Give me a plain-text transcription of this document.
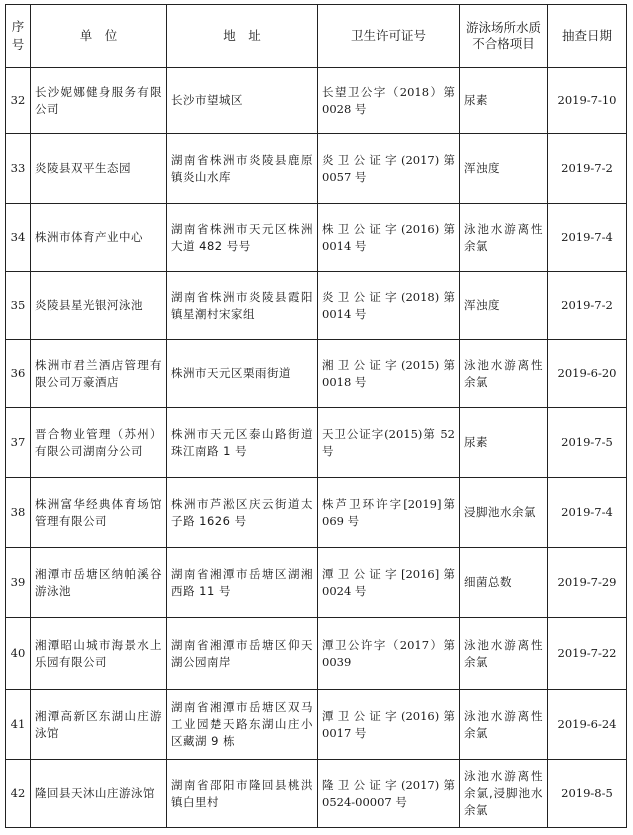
序号	单　位	地　址	卫生许可证号	游泳场所水质不合格项目	抽查日期
32	长沙妮娜健身服务有限公司	长沙市望城区	长望卫公字（2018）第 0028 号	尿素	2019-7-10
33	炎陵县双平生态园	湖南省株洲市炎陵县鹿原镇炎山水库	炎卫公证字(2017)第 0057 号	浑浊度	2019-7-2
34	株洲市体育产业中心	湖南省株洲市天元区株洲大道 482 号号	株卫公证字(2016)第 0014 号	泳池水游离性余氯	2019-7-4
35	炎陵县星光银河泳池	湖南省株洲市炎陵县霞阳镇星潮村宋家组	炎卫公证字(2018)第 0014 号	浑浊度	2019-7-2
36	株洲市君兰酒店管理有限公司万豪酒店	株洲市天元区栗雨街道	湘卫公证字(2015)第 0018 号	泳池水游离性余氯	2019-6-20
37	晋合物业管理（苏州）有限公司湖南分公司	株洲市天元区泰山路街道珠江南路 1 号	天卫公证字(2015)第 52 号	尿素	2019-7-5
38	株洲富华经典体育场馆管理有限公司	株洲市芦淞区庆云街道太子路 1626 号	株芦卫环许字[2019]第 069 号	浸脚池水余氯	2019-7-4
39	湘潭市岳塘区纳帕溪谷游泳池	湖南省湘潭市岳塘区湖湘西路 11 号	潭卫公证字[2016]第 0024 号	细菌总数	2019-7-29
40	湘潭昭山城市海景水上乐园有限公司	湖南省湘潭市岳塘区仰天湖公园南岸	潭卫公许字（2017）第 0039	泳池水游离性余氯	2019-7-22
41	湘潭高新区东湖山庄游泳馆	湖南省湘潭市岳塘区双马工业园楚天路东湖山庄小区藏湖 9 栋	潭卫公证字(2016)第 0017 号	泳池水游离性余氯	2019-6-24
42	隆回县天沐山庄游泳馆	湖南省邵阳市隆回县桃洪镇白里村	隆卫公证字(2017)第 0524-00007 号	泳池水游离性余氯,浸脚池水余氯	2019-8-5
